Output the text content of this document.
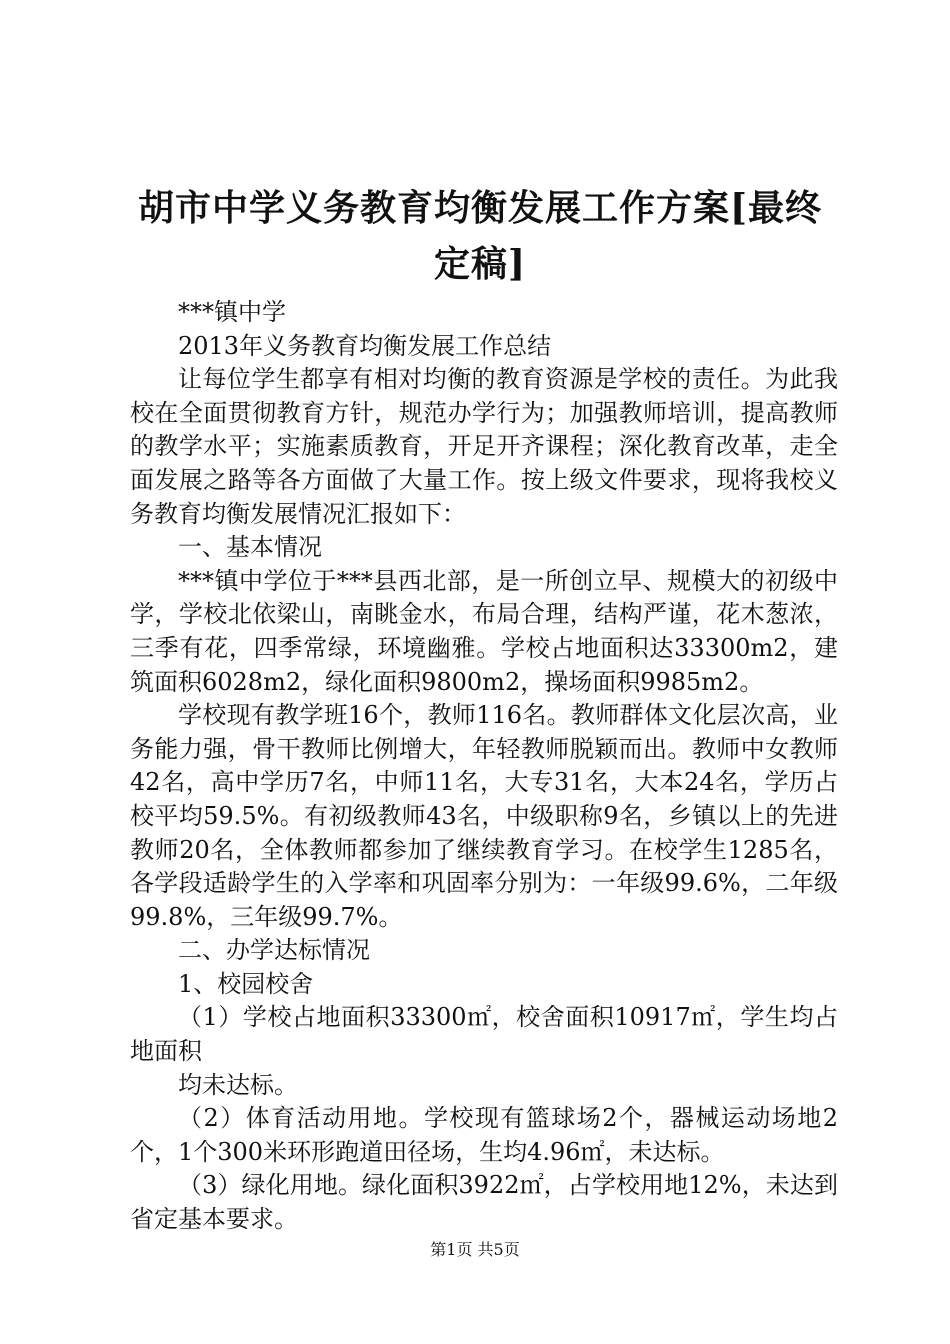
胡市中学义务教育均衡发展工作方案[最终定稿]

***镇中学

2013年义务教育均衡发展工作总结

让每位学生都享有相对均衡的教育资源是学校的责任。为此我校在全面贯彻教育方针，规范办学行为；加强教师培训，提高教师的教学水平；实施素质教育，开足开齐课程；深化教育改革，走全面发展之路等各方面做了大量工作。按上级文件要求，现将我校义务教育均衡发展情况汇报如下：

一、基本情况

***镇中学位于***县西北部，是一所创立早、规模大的初级中学，学校北依梁山，南眺金水，布局合理，结构严谨，花木葱浓，三季有花，四季常绿，环境幽雅。学校占地面积达33300m2，建筑面积6028m2，绿化面积9800m2，操场面积9985m2。

学校现有教学班16个，教师116名。教师群体文化层次高，业务能力强，骨干教师比例增大，年轻教师脱颖而出。教师中女教师42名，高中学历7名，中师11名，大专31名，大本24名，学历占校平均59.5%。有初级教师43名，中级职称9名，乡镇以上的先进教师20名，全体教师都参加了继续教育学习。在校学生1285名，各学段适龄学生的入学率和巩固率分别为：一年级99.6%，二年级99.8%，三年级99.7%。

二、办学达标情况

1、校园校舍

（1）学校占地面积33300㎡，校舍面积10917㎡，学生均占地面积

均未达标。

（2）体育活动用地。学校现有篮球场2个，器械运动场地2个，1个300米环形跑道田径场，生均4.96㎡，未达标。

（3）绿化用地。绿化面积3922㎡，占学校用地12%，未达到省定基本要求。

第1页 共5页
